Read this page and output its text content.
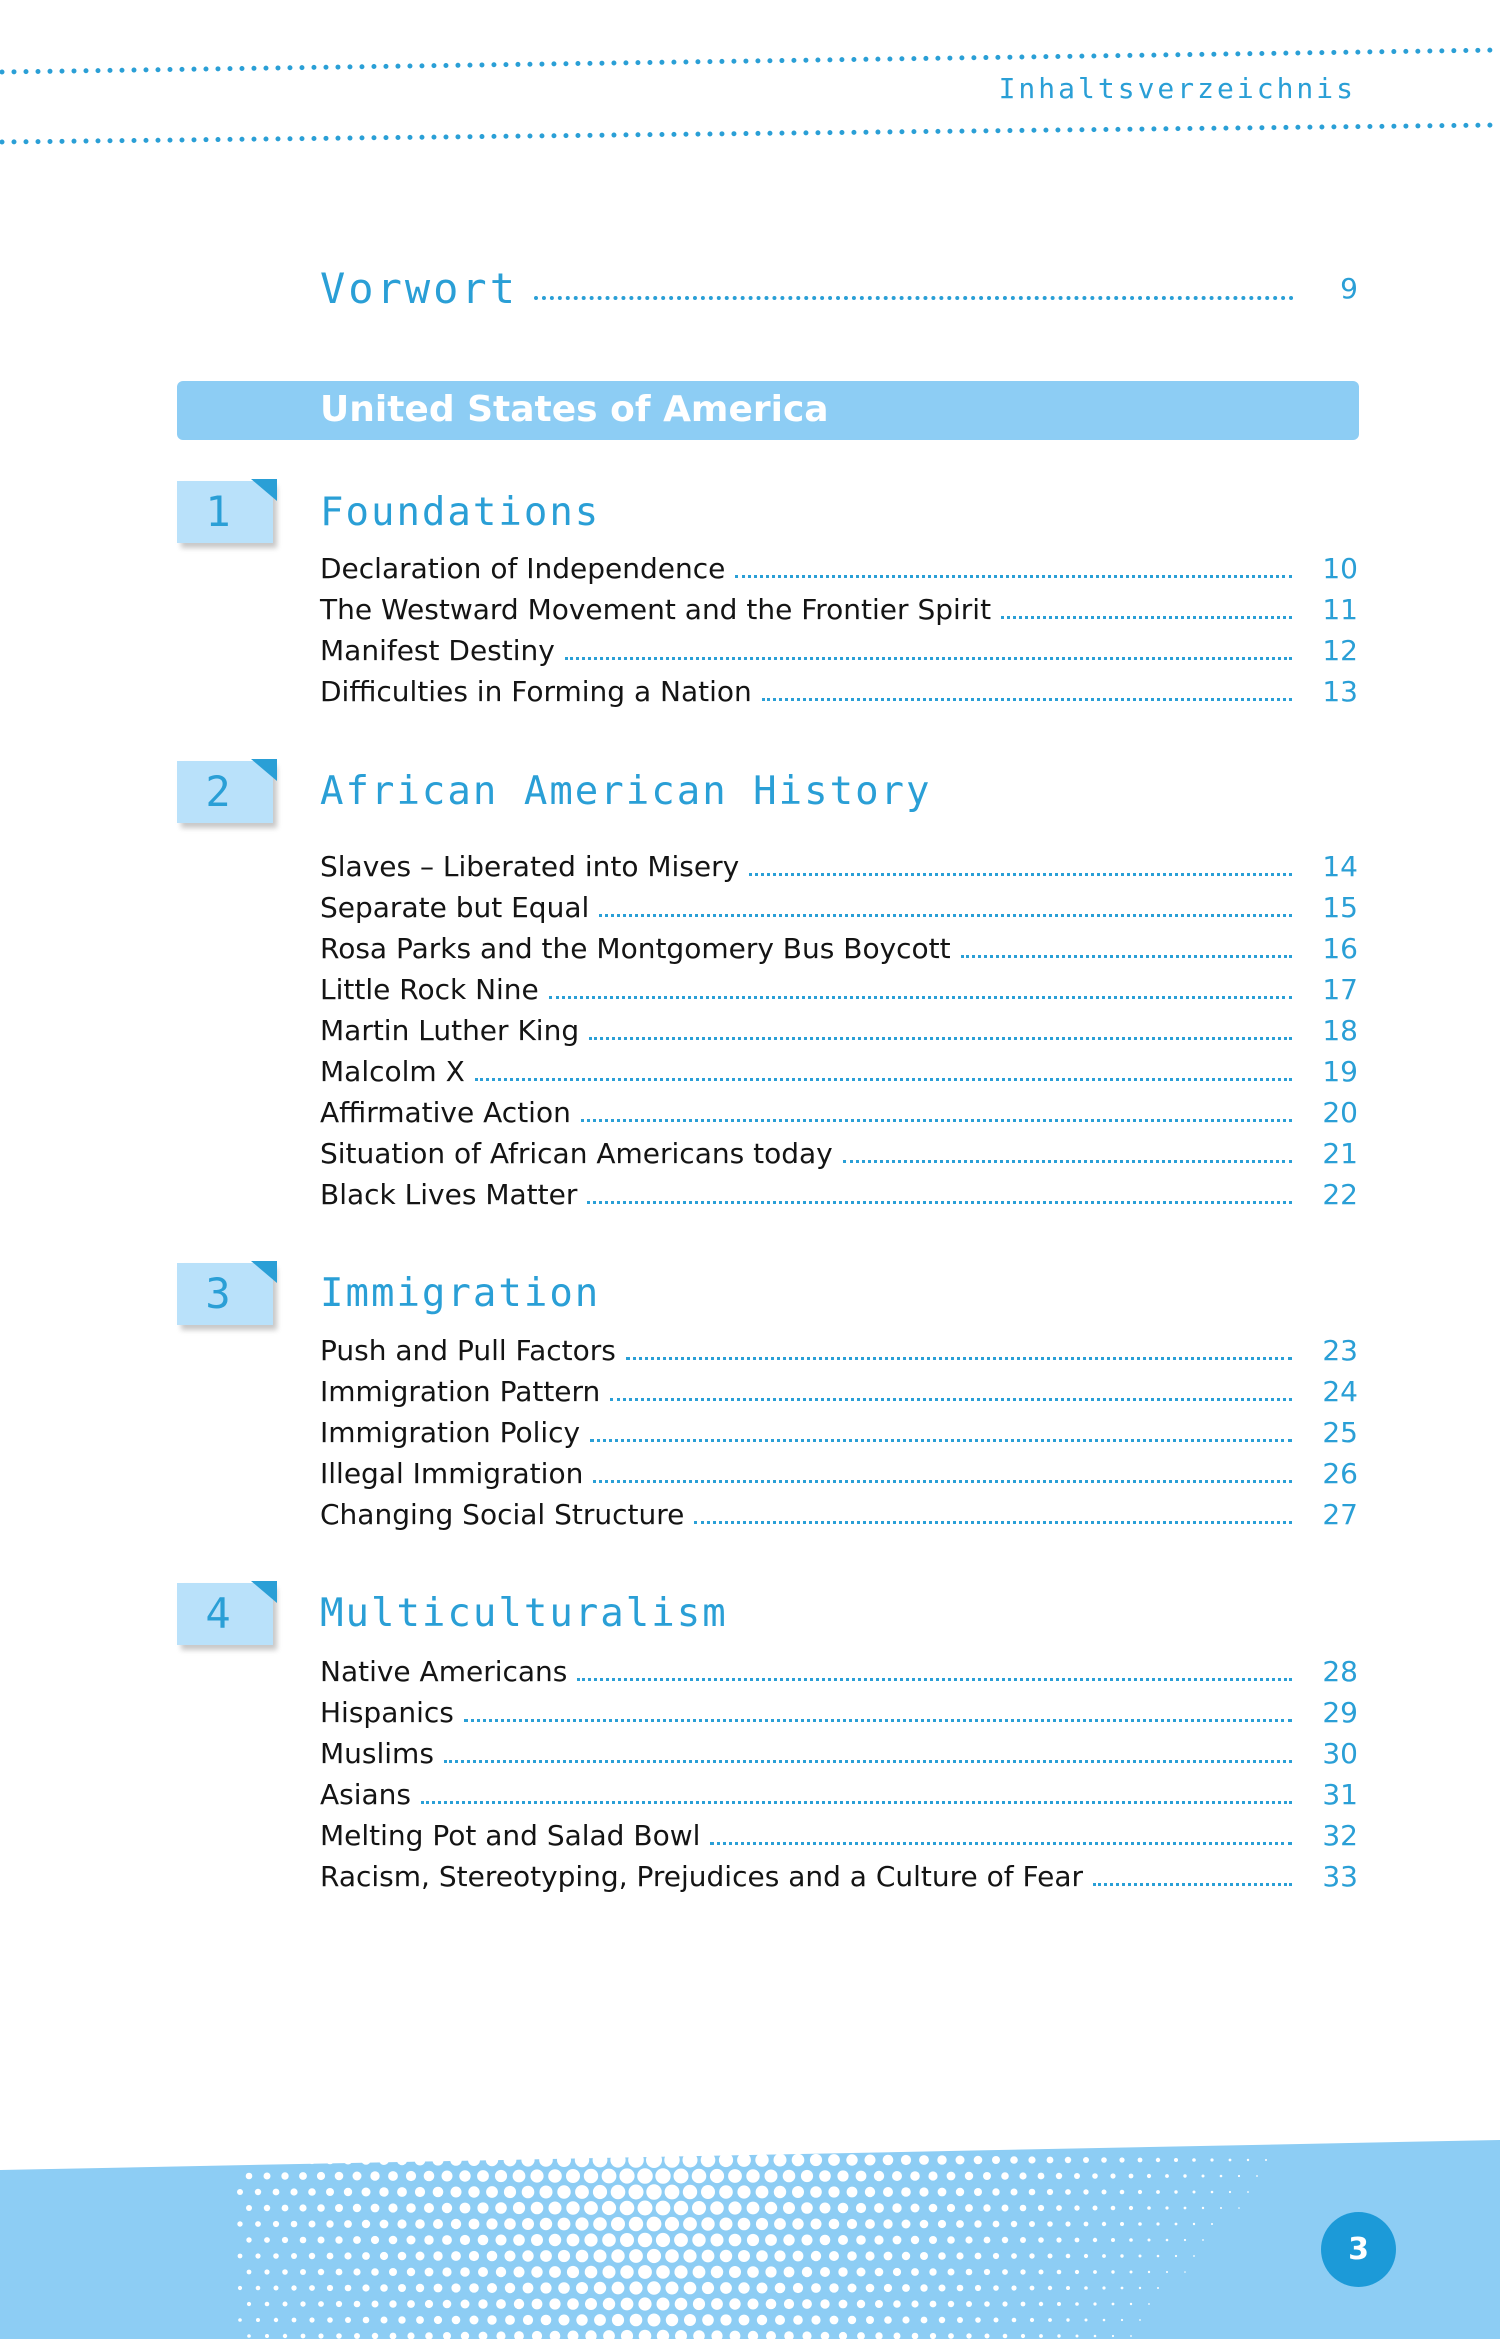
Inhaltsverzeichnis
Vorwort	9
United States of America
1	Foundations
Declaration of Independence	10
The Westward Movement and the Frontier Spirit	11
Manifest Destiny	12
Difficulties in Forming a Nation	13
2	African American History
Slaves – Liberated into Misery	14
Separate but Equal	15
Rosa Parks and the Montgomery Bus Boycott	16
Little Rock Nine	17
Martin Luther King	18
Malcolm X	19
Affirmative Action	20
Situation of African Americans today	21
Black Lives Matter	22
3	Immigration
Push and Pull Factors	23
Immigration Pattern	24
Immigration Policy	25
Illegal Immigration	26
Changing Social Structure	27
4	Multiculturalism
Native Americans	28
Hispanics	29
Muslims	30
Asians	31
Melting Pot and Salad Bowl	32
Racism, Stereotyping, Prejudices and a Culture of Fear	33
3
